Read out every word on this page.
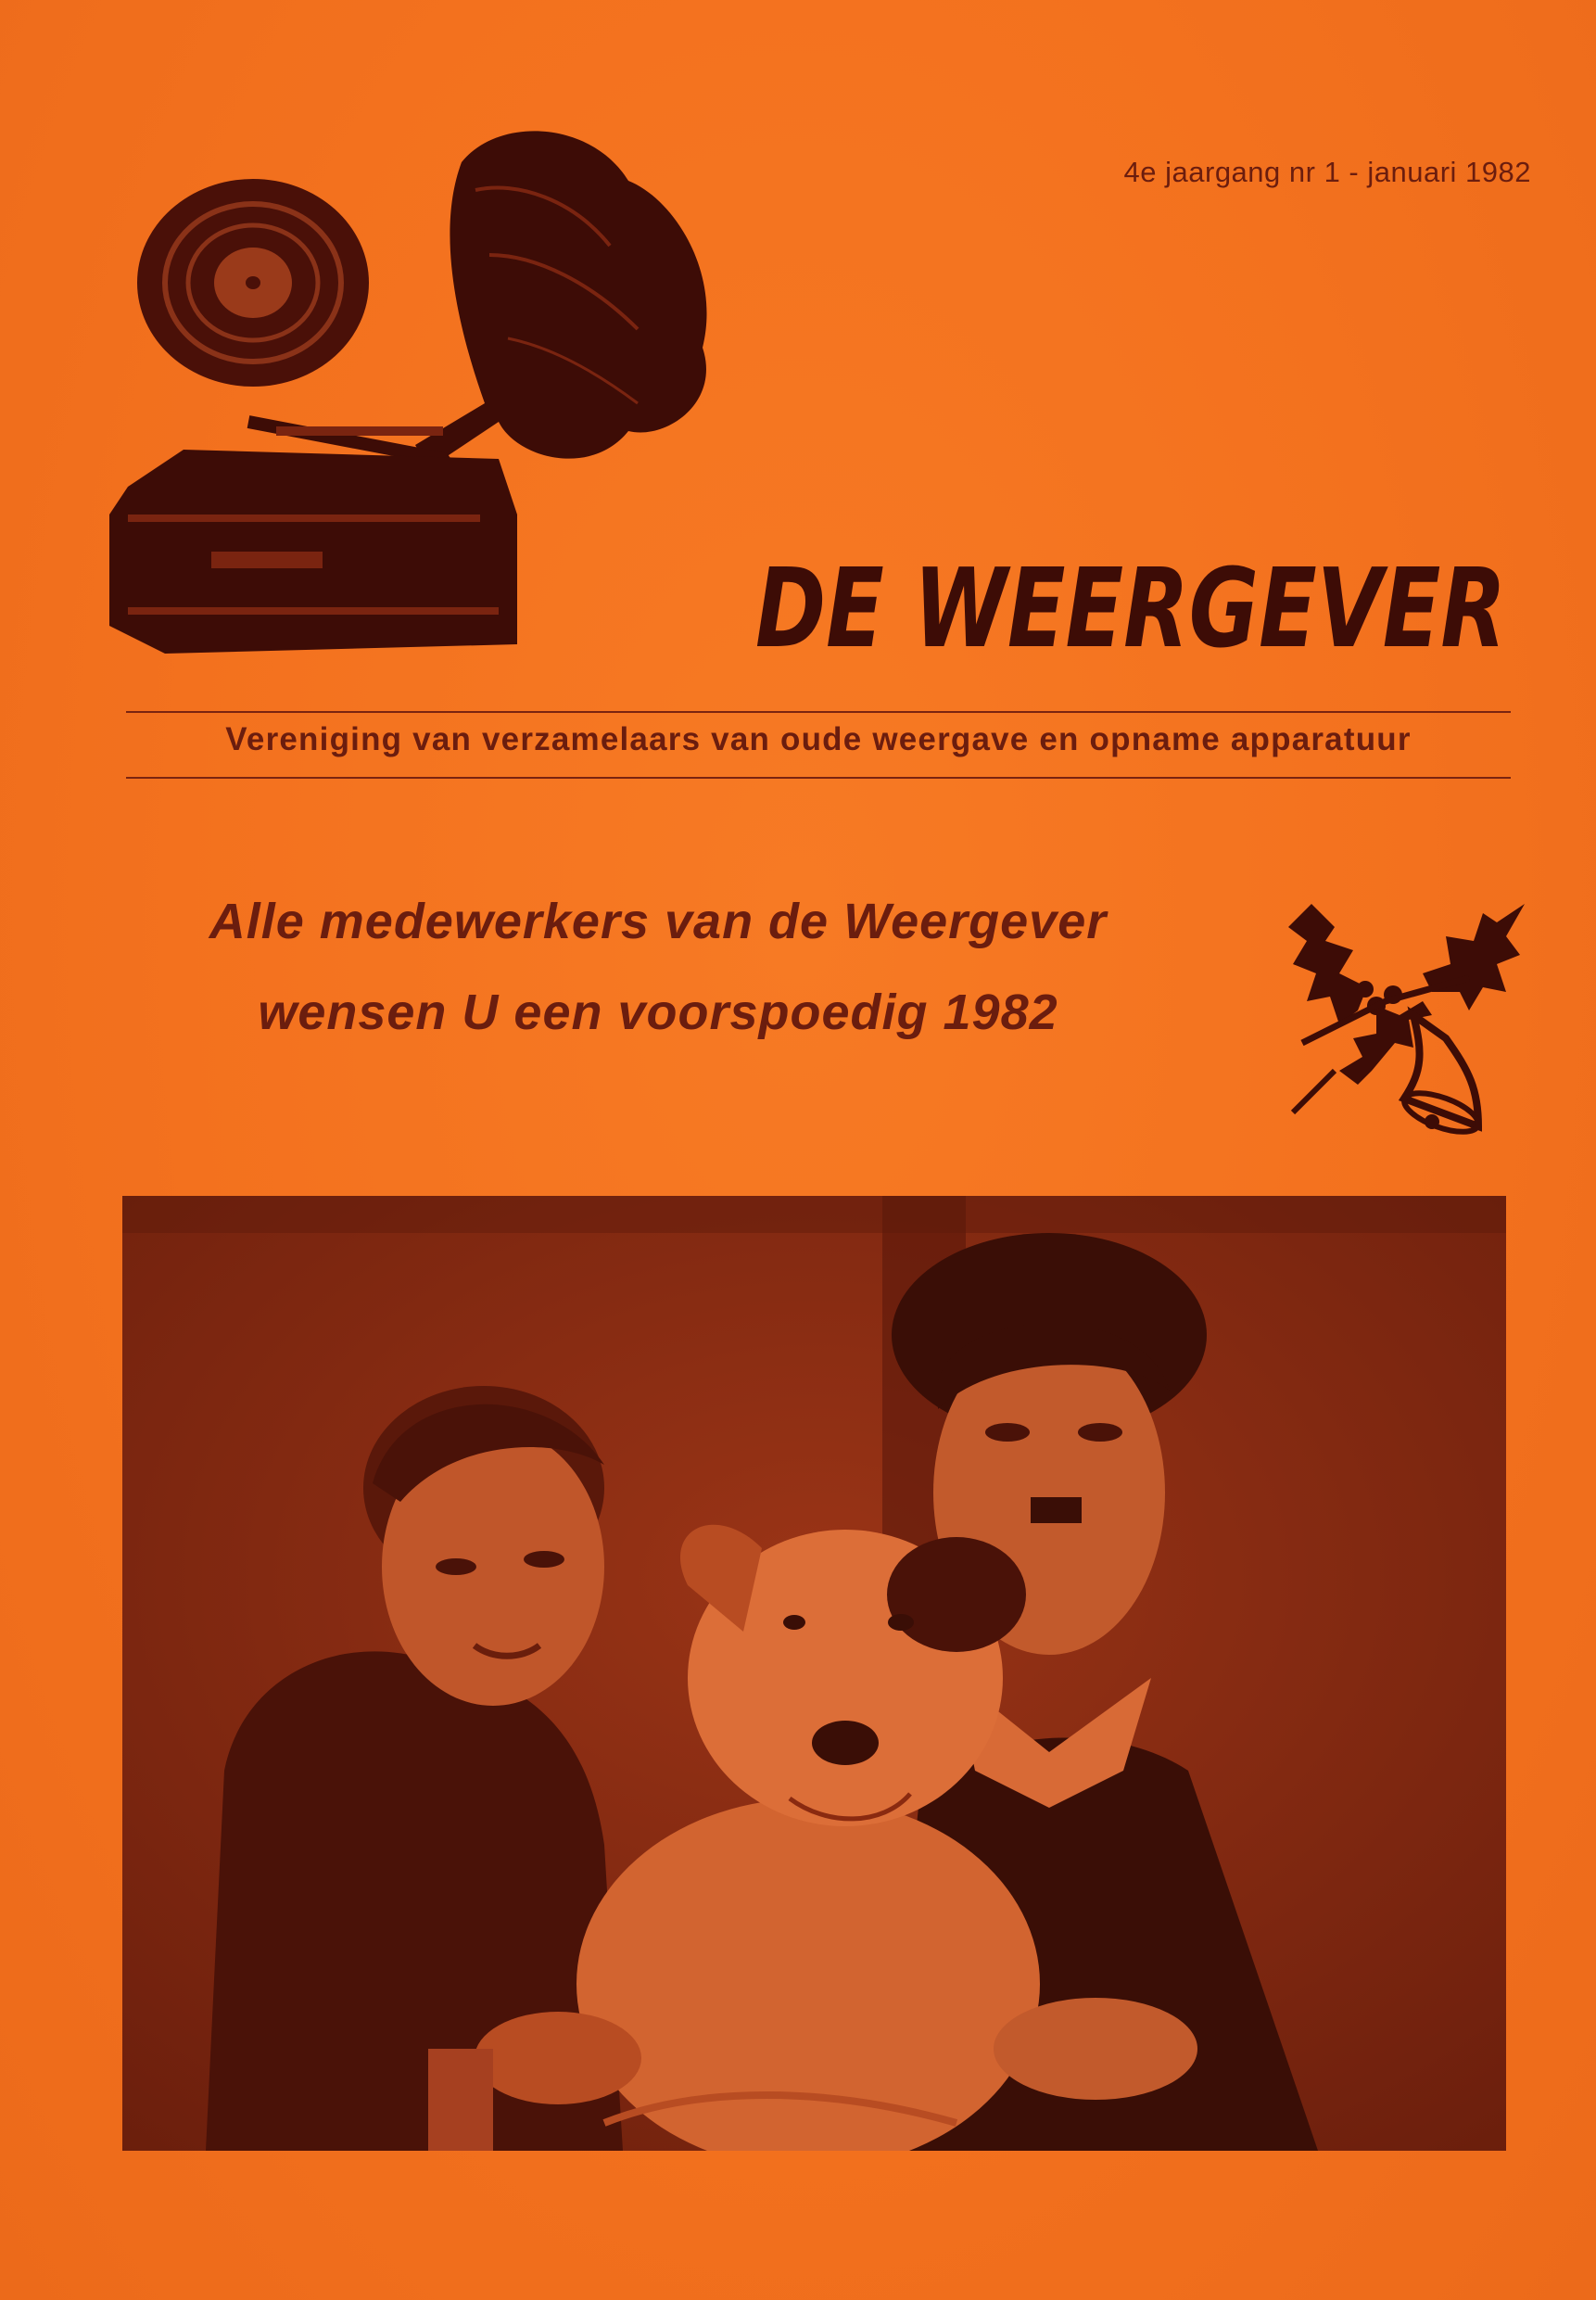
4e jaargang nr 1 - januari 1982
DE WEERGEVER
Vereniging van verzamelaars van oude weergave en opname apparatuur
Alle medewerkers van de Weergever
wensen U een voorspoedig 1982
